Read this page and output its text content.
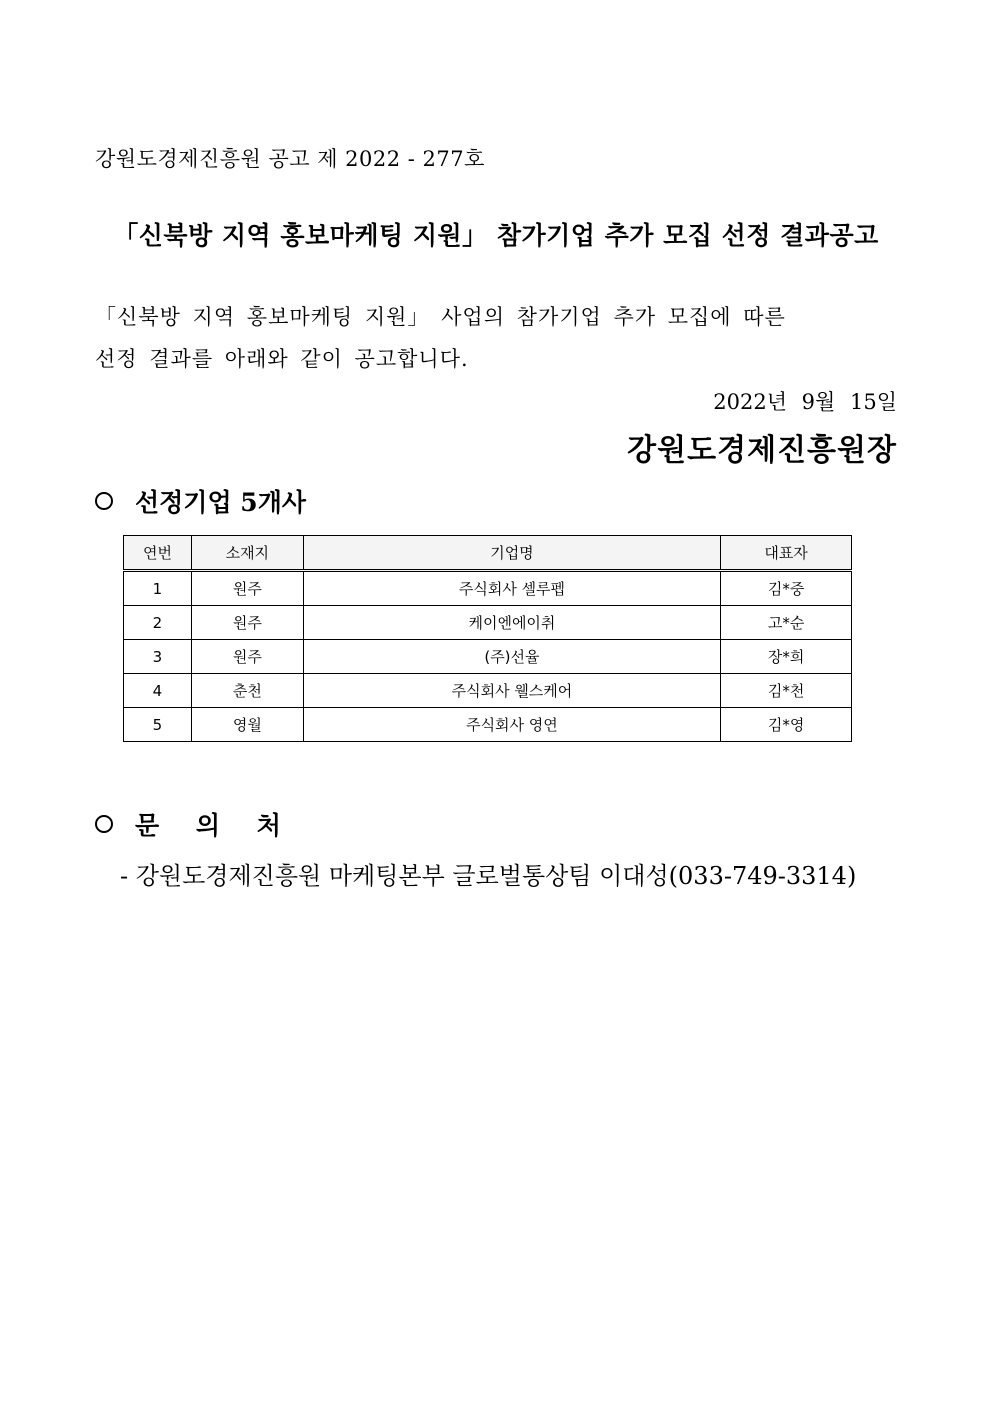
강원도경제진흥원 공고 제 2022 - 277호
「신북방 지역 홍보마케팅 지원」 참가기업 추가 모집 선정 결과공고

「신북방 지역 홍보마케팅 지원」 사업의 참가기업 추가 모집에 따른

선정 결과를 아래와 같이 공고합니다.

2022년 9월 15일
강원도경제진흥원장
선정기업 5개사
연번	소재지	기업명	대표자
1	원주	주식회사 셀루펩	김*중
2	원주	케이엔에이취	고*순
3	원주	(주)선율	장*희
4	춘천	주식회사 웰스케어	김*천
5	영월	주식회사 영연	김*영
문 의 처
- 강원도경제진흥원 마케팅본부 글로벌통상팀 이대성(033-749-3314)
